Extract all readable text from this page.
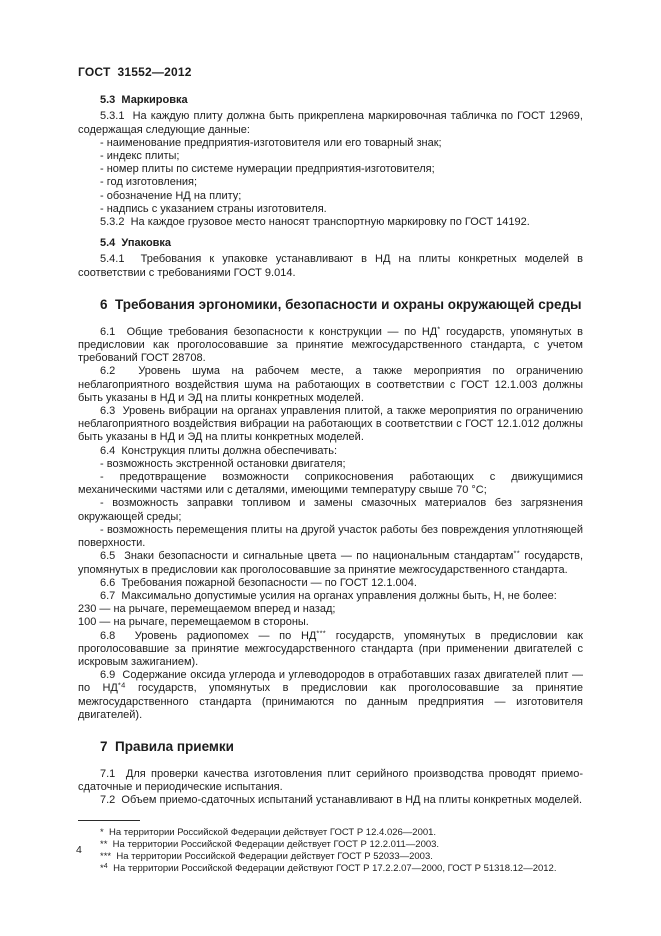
ГОСТ  31552—2012
5.3  Маркировка

5.3.1  На каждую плиту должна быть прикреплена маркировочная табличка по ГОСТ 12969, содержащая следующие данные:

- наименование предприятия-изготовителя или его товарный знак;

- индекс плиты;

- номер плиты по системе нумерации предприятия-изготовителя;

- год изготовления;

- обозначение НД на плиту;

- надпись с указанием страны изготовителя.

5.3.2  На каждое грузовое место наносят транспортную маркировку по ГОСТ 14192.

5.4  Упаковка

5.4.1  Требования к упаковке устанавливают в НД на плиты конкретных моделей в соответствии с требованиями ГОСТ 9.014.

6  Требования эргономики, безопасности и охраны окружающей среды

6.1  Общие требования безопасности к конструкции — по НД* государств, упомянутых в предисловии как проголосовавшие за принятие межгосударственного стандарта, с учетом требований ГОСТ 28708.

6.2  Уровень шума на рабочем месте, а также мероприятия по ограничению неблагоприятного воздействия шума на работающих в соответствии с ГОСТ 12.1.003 должны быть указаны в НД и ЭД на плиты конкретных моделей.

6.3  Уровень вибрации на органах управления плитой, а также мероприятия по ограничению неблагоприятного воздействия вибрации на работающих в соответствии с ГОСТ 12.1.012 должны быть указаны в НД и ЭД на плиты конкретных моделей.

6.4  Конструкция плиты должна обеспечивать:

- возможность экстренной остановки двигателя;

- предотвращение возможности соприкосновения работающих с движущимися механическими частями или с деталями, имеющими температуру свыше 70 °С;

- возможность заправки топливом и замены смазочных материалов без загрязнения окружающей среды;

- возможность перемещения плиты на другой участок работы без повреждения уплотняющей поверхности.

6.5  Знаки безопасности и сигнальные цвета — по национальным стандартам** государств, упомянутых в предисловии как проголосовавшие за принятие межгосударственного стандарта.

6.6  Требования пожарной безопасности — по ГОСТ 12.1.004.

6.7  Максимально допустимые усилия на органах управления должны быть, Н, не более:

230 — на рычаге, перемещаемом вперед и назад;

100 — на рычаге, перемещаемом в стороны.

6.8  Уровень радиопомех — по НД*** государств, упомянутых в предисловии как проголосовавшие за принятие межгосударственного стандарта (при применении двигателей с искровым зажиганием).

6.9  Содержание оксида углерода и углеводородов в отработавших газах двигателей плит — по НД$^{*4}$ государств, упомянутых в предисловии как проголосовавшие за принятие межгосударственного стандарта (принимаются по данным предприятия — изготовителя двигателей).

7  Правила приемки

7.1  Для проверки качества изготовления плит серийного производства проводят приемо-сдаточные и периодические испытания.

7.2  Объем приемо-сдаточных испытаний устанавливают в НД на плиты конкретных моделей.

*  На территории Российской Федерации действует ГОСТ Р 12.4.026—2001.

**  На территории Российской Федерации действует ГОСТ Р 12.2.011—2003.

***  На территории Российской Федерации действует ГОСТ Р 52033—2003.

*$^4$  На территории Российской Федерации действуют ГОСТ Р 17.2.2.07—2000, ГОСТ Р 51318.12—2012.

4
